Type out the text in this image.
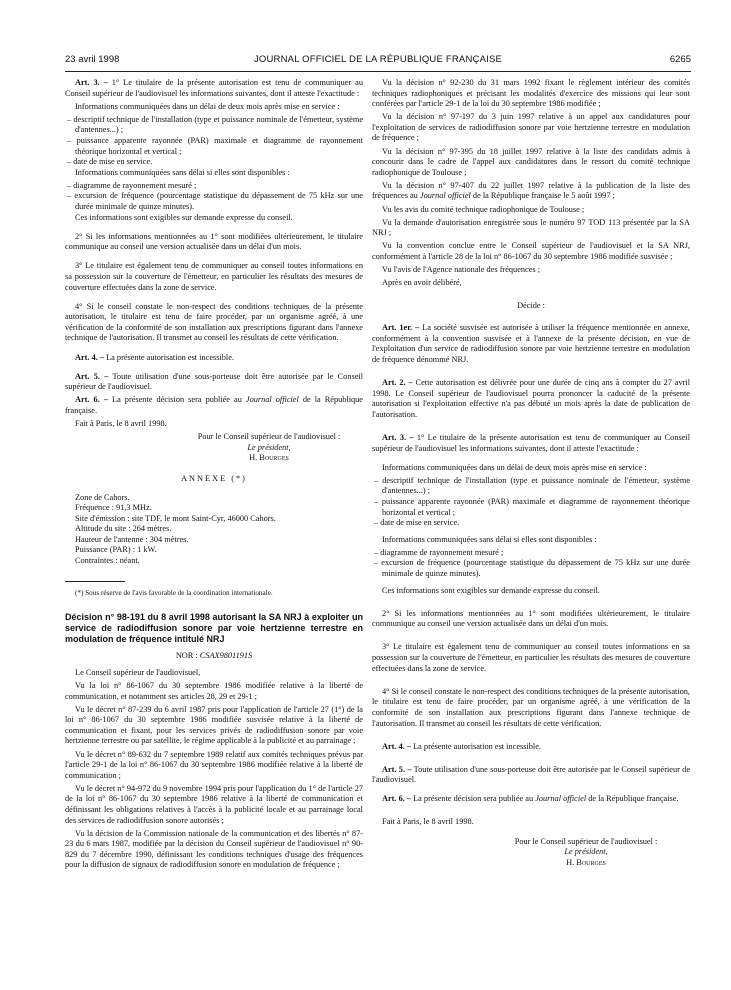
23 avril 1998	JOURNAL OFFICIEL DE LA RÉPUBLIQUE FRANÇAISE	6265

Art. 3. – 1° Le titulaire de la présente autorisation est tenu de communiquer au Conseil supérieur de l'audiovisuel les informations suivantes, dont il atteste l'exactitude :

Informations communiquées dans un délai de deux mois après mise en service :

– descriptif technique de l'installation (type et puissance nominale de l'émetteur, système d'antennes...) ;

– puissance apparente rayonnée (PAR) maximale et diagramme de rayonnement théorique horizontal et vertical ;

– date de mise en service.

Informations communiquées sans délai si elles sont disponibles :

– diagramme de rayonnement mesuré ;

– excursion de fréquence (pourcentage statistique du dépassement de 75 kHz sur une durée minimale de quinze minutes).

Ces informations sont exigibles sur demande expresse du conseil.

2° Si les informations mentionnées au 1° sont modifiées ultérieurement, le titulaire communique au conseil une version actualisée dans un délai d'un mois.

3° Le titulaire est également tenu de communiquer au conseil toutes informations en sa possession sur la couverture de l'émetteur, en particulier les résultats des mesures de couverture effectuées dans la zone de service.

4° Si le conseil constate le non-respect des conditions techniques de la présente autorisation, le titulaire est tenu de faire procéder, par un organisme agréé, à une vérification de la conformité de son installation aux prescriptions figurant dans l'annexe technique de l'autorisation. Il transmet au conseil les résultats de cette vérification.

Art. 4. – La présente autorisation est incessible.

Art. 5. – Toute utilisation d'une sous-porteuse doit être autorisée par le Conseil supérieur de l'audiovisuel.

Art. 6. – La présente décision sera publiée au Journal officiel de la République française.

Fait à Paris, le 8 avril 1998.

Pour le Conseil supérieur de l'audiovisuel :

Le président,

H. Bourges

ANNEXE (*)

Zone de Cahors.

Fréquence : 91,3 MHz.

Site d'émission : site TDF, le mont Saint-Cyr, 46000 Cahors.

Altitude du site : 264 mètres.

Hauteur de l'antenne : 304 mètres.

Puissance (PAR) : 1 kW.

Contraintes : néant.

(*) Sous réserve de l'avis favorable de la coordination internationale.

Décision n° 98-191 du 8 avril 1998 autorisant la SA NRJ à exploiter un service de radiodiffusion sonore par voie hertzienne terrestre en modulation de fréquence intitulé NRJ

NOR : CSAX9801191S

Le Conseil supérieur de l'audiovisuel,

Vu la loi n° 86-1067 du 30 septembre 1986 modifiée relative à la liberté de communication, et notamment ses articles 28, 29 et 29-1 ;

Vu le décret n° 87-239 du 6 avril 1987 pris pour l'application de l'article 27 (1°) de la loi n° 86-1067 du 30 septembre 1986 modifiée susvisée relative à la liberté de communication et fixant, pour les services privés de radiodiffusion sonore par voie hertzienne terrestre ou par satellite, le régime applicable à la publicité et au parrainage ;

Vu le décret n° 89-632 du 7 septembre 1989 relatif aux comités techniques prévus par l'article 29-1 de la loi n° 86-1067 du 30 septembre 1986 modifiée relative à la liberté de communication ;

Vu le décret n° 94-972 du 9 novembre 1994 pris pour l'application du 1° de l'article 27 de la loi n° 86-1067 du 30 septembre 1986 relative à la liberté de communication et définissant les obligations relatives à l'accès à la publicité locale et au parrainage local des services de radiodiffusion sonore autorisés ;

Vu la décision de la Commission nationale de la communication et des libertés n° 87-23 du 6 mars 1987, modifiée par la décision du Conseil supérieur de l'audiovisuel n° 90-829 du 7 décembre 1990, définissant les conditions techniques d'usage des fréquences pour la diffusion de signaux de radiodiffusion sonore en modulation de fréquence ;

Vu la décision n° 92-230 du 31 mars 1992 fixant le règlement intérieur des comités techniques radiophoniques et précisant les modalités d'exercice des missions qui leur sont conférées par l'article 29-1 de la loi du 30 septembre 1986 modifiée ;

Vu la décision n° 97-197 du 3 juin 1997 relative à un appel aux candidatures pour l'exploitation de services de radiodiffusion sonore par voie hertzienne terrestre en modulation de fréquence ;

Vu la décision n° 97-395 du 18 juillet 1997 relative à la liste des candidats admis à concourir dans le cadre de l'appel aux candidatures dans le ressort du comité technique radiophonique de Toulouse ;

Vu la décision n° 97-407 du 22 juillet 1997 relative à la publication de la liste des fréquences au Journal officiel de la République française le 5 août 1997 ;

Vu les avis du comité technique radiophonique de Toulouse ;

Vu la demande d'autorisation enregistrée sous le numéro 97 TOD 113 présentée par la SA NRJ ;

Vu la convention conclue entre le Conseil supérieur de l'audiovisuel et la SA NRJ, conformément à l'article 28 de la loi n° 86-1067 du 30 septembre 1986 modifiée susvisée ;

Vu l'avis de l'Agence nationale des fréquences ;

Après en avoir délibéré,

Décide :

Art. 1er. – La société susvisée est autorisée à utiliser la fréquence mentionnée en annexe, conformément à la convention susvisée et à l'annexe de la présente décision, en vue de l'exploitation d'un service de radiodiffusion sonore par voie hertzienne terrestre en modulation de fréquence dénommé NRJ.

Art. 2. – Cette autorisation est délivrée pour une durée de cinq ans à compter du 27 avril 1998. Le Conseil supérieur de l'audiovisuel pourra prononcer la caducité de la présente autorisation si l'exploitation effective n'a pas débuté un mois après la date de publication de l'autorisation.

Art. 3. – 1° Le titulaire de la présente autorisation est tenu de communiquer au Conseil supérieur de l'audiovisuel les informations suivantes, dont il atteste l'exactitude :

Informations communiquées dans un délai de deux mois après mise en service :

– descriptif technique de l'installation (type et puissance nominale de l'émetteur, système d'antennes...) ;

– puissance apparente rayonnée (PAR) maximale et diagramme de rayonnement théorique horizontal et vertical ;

– date de mise en service.

Informations communiquées sans délai si elles sont disponibles :

– diagramme de rayonnement mesuré ;

– excursion de fréquence (pourcentage statistique du dépassement de 75 kHz sur une durée minimale de quinze minutes).

Ces informations sont exigibles sur demande expresse du conseil.

2° Si les informations mentionnées au 1° sont modifiées ultérieurement, le titulaire communique au conseil une version actualisée dans un délai d'un mois.

3° Le titulaire est également tenu de communiquer au conseil toutes informations en sa possession sur la couverture de l'émetteur, en particulier les résultats des mesures de couverture effectuées dans la zone de service.

4° Si le conseil constate le non-respect des conditions techniques de la présente autorisation, le titulaire est tenu de faire procéder, par un organisme agréé, à une vérification de la conformité de son installation aux prescriptions figurant dans l'annexe technique de l'autorisation. Il transmet au conseil les résultats de cette vérification.

Art. 4. – La présente autorisation est incessible.

Art. 5. – Toute utilisation d'une sous-porteuse doit être autorisée par le Conseil supérieur de l'audiovisuel.

Art. 6. – La présente décision sera publiée au Journal officiel de la République française.

Fait à Paris, le 8 avril 1998.

Pour le Conseil supérieur de l'audiovisuel :

Le président,

H. Bourges
